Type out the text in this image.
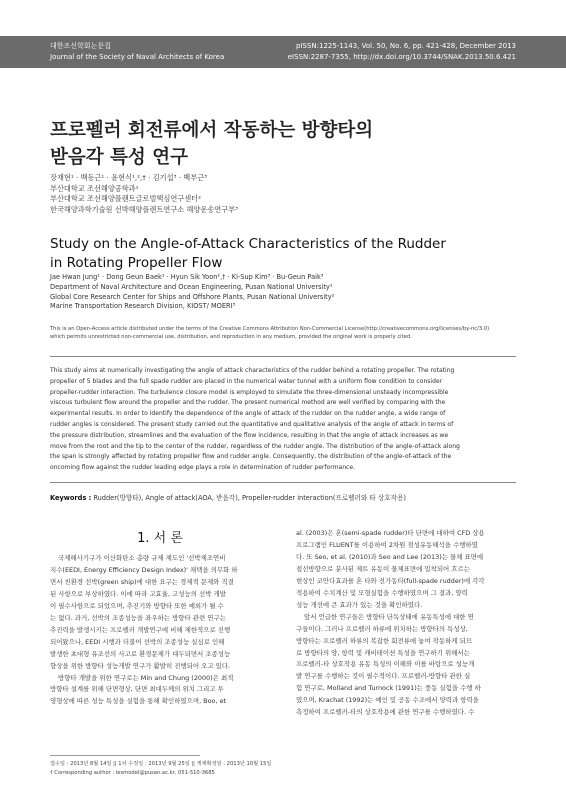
대한조선학회논문집
Journal of the Society of Naval Architects of Korea
pISSN:1225-1143, Vol. 50, No. 6, pp. 421-428, December 2013
eISSN:2287-7355, http://dx.doi.org/10.3744/SNAK.2013.50.6.421
프로펠러 회전류에서 작동하는 방향타의
받음각 특성 연구
장재현¹ · 백동근¹ · 윤현식¹,²,† · 김기섭³ · 백부근³
부산대학교 조선해양공학과¹
부산대학교 조선해양플랜트글로벌핵심연구센터²
한국해양과학기술원 선박해양플랜트연구소 해양운송연구부³
Study on the Angle-of-Attack Characteristics of the Rudder
in Rotating Propeller Flow
Jae Hwan Jung¹ · Dong Geun Baek¹ · Hyun Sik Yoon²,† · Ki-Sup Kim³ · Bu-Geun Paik³
Department of Naval Architecture and Ocean Engineering, Pusan National University¹
Global Core Research Center for Ships and Offshore Plants, Pusan National University²
Marine Transportation Research Division, KIOST/ MOERI³
This is an Open-Access article distributed under the terms of the Creative Commons Attribution Non-Commercial License(http://creativecommons.org/licenses/by-nc/3.0)
which permits unrestricted non-commercial use, distribution, and reproduction in any medium, provided the original work is properly cited.
This study aims at numerically investigating the angle of attack characteristics of the rudder behind a rotating propeller. The rotating
propeller of 5 blades and the full spade rudder are placed in the numerical water tunnel with a uniform flow condition to consider
propeller-rudder interaction. The turbulence closure model is employed to simulate the three-dimensional unsteady incompressible
viscous turbulent flow around the propeller and the rudder. The present numerical method are well verified by comparing with the
experimental results. In order to identify the dependence of the angle of attack of the rudder on the rudder angle, a wide range of
rudder angles is considered. The present study carried out the quantitative and qualitative analysis of the angle of attack in terms of
the pressure distribution, streamlines and the evaluation of the flow incidence, resulting in that the angle of attack increases as we
move from the root and the tip to the center of the rudder, regardless of the rudder angle. The distribution of the angle-of-attack along
the span is strongly affected by rotating propeller flow and rudder angle. Consequently, the distribution of the angle-of-attack of the
oncoming flow against the rudder leading edge plays a role in determination of rudder performance.
Keywords : Rudder(방향타), Angle of attack(AOA, 받음각), Propeller-rudder interaction(프로펠러와 타 상호작용)
1. 서 론
국제해사기구가 이산화탄소 총량 규제 제도인 '선박제조연비
지수(EEDI, Energy Efficiency Design Index)' 채택을 의무화 하
면서 친환경 선박(green ship)에 대한 요구는 경제적 문제와 직결
된 사항으로 부상하였다. 이에 따라 고효율, 고성능의 선박 개발
이 필수사항으로 되었으며, 추진기와 방향타 또한 예외가 될 수
는 없다. 과거, 선박의 조종성능을 좌우하는 방향타 관련 연구는
추진력을 발생시키는 프로펠러 개발연구에 비해 제한적으로 진행
되어왔으나, EEDI 시행과 더불어 선박의 조종성능 실심로 인해
발생한 초대형 유조선의 사고로 환경문제가 대두되면서 조종성능
향상을 위한 방향타 성능개발 연구가 활발히 진행되어 오고 있다.
방향타 개발을 위한 연구로는 Min and Chung (2000)은 최적
방향타 설계를 위해 단면형상, 단면 최대두께의 위치 그리고 투
영형상에 따른 성능 특성을 실험을 통해 확인하였으며, Boo, et
al. (2003)은 혼(semi-spade rudder)타 단면에 대하여 CFD 상용
프로그램인 FLUENT를 이용하여 2차원 점성유동해석을 수행하였
다. 또 Seo, et al. (2010)과 Seo and Lee (2013)는 물체 표면에
접선방향으로 분사된 제트 유동이 물체표면에 밀착되어 흐르는
현상인 코안다효과를 혼 타와 전가동타(full-spade rudder)에 각각
적용하여 수치계산 및 모형실험을 수행하였으며 그 결과, 양력
성능 개선에 큰 효과가 있는 것을 확인하였다.
앞서 언급한 연구들은 방향타 단독상태에 유동특성에 대한 연
구들이다. 그러나 프로펠러 하류에 위치하는 방향타의 특성상,
방향타는 프로펠러 하류의 복잡한 회전류에 놓여 작동하게 되므
로 방향타의 양, 항력 및 캐비테이션 특성을 연구하기 위해서는
프로펠러-타 상호작용 유동 특성의 이해와 이를 바탕으로 성능개
발 연구를 수행하는 것이 필수적이다. 프로펠러-방향타 관한 실
험 연구로, Molland and Turnock (1991)는 풍동 실험을 수행 하
였으며, Krachat (1992)는 예인 및 공동 수조에서 양력과 항력을
측정하여 프로펠러-타의 상호작용에 관한 연구를 수행하였다. 수
접수일 : 2013년 8월 14일 || 1차 수정일 : 2013년 9월 25일 || 게재확정일 : 2013년 10월 15일
† Corresponding author : lesmodel@pusan.ac.kr, 051-510-3685
